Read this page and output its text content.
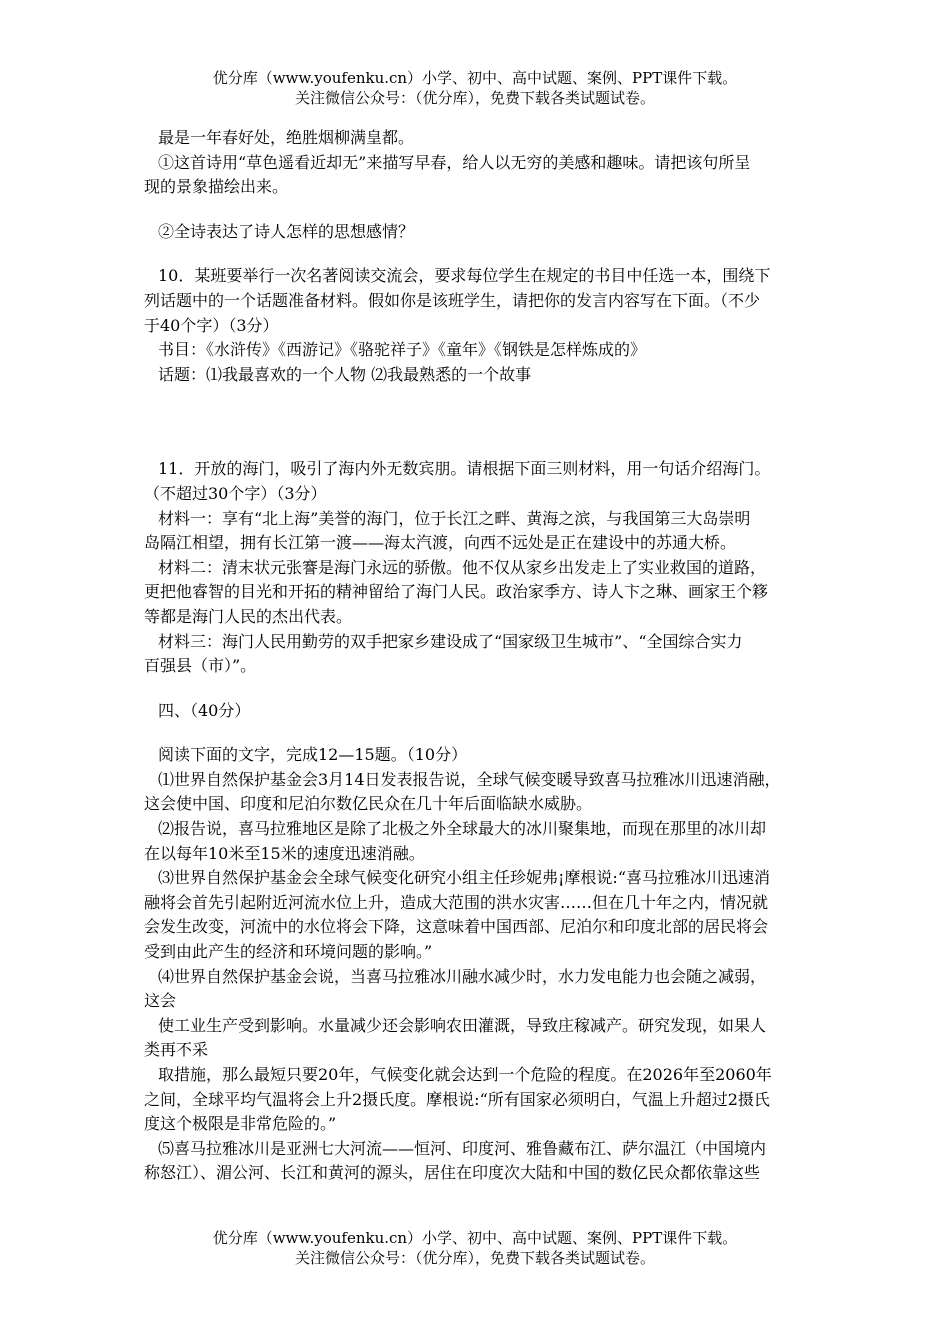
优分库（www.youfenku.cn）小学、初中、高中试题、案例、PPT课件下载。
关注微信公众号：（优分库），免费下载各类试题试卷。
最是一年春好处，绝胜烟柳满皇都。
①这首诗用“草色遥看近却无”来描写早春，给人以无穷的美感和趣味。请把该句所呈
现的景象描绘出来。
②全诗表达了诗人怎样的思想感情？
10．某班要举行一次名著阅读交流会，要求每位学生在规定的书目中任选一本，围绕下
列话题中的一个话题准备材料。假如你是该班学生，请把你的发言内容写在下面。（不少
于40个字）（3分）
书目：《水浒传》《西游记》《骆驼祥子》《童年》《钢铁是怎样炼成的》
话题：⑴我最喜欢的一个人物 ⑵我最熟悉的一个故事
11．开放的海门，吸引了海内外无数宾朋。请根据下面三则材料，用一句话介绍海门。
（不超过30个字）（3分）
材料一：享有“北上海”美誉的海门，位于长江之畔、黄海之滨，与我国第三大岛崇明
岛隔江相望，拥有长江第一渡——海太汽渡，向西不远处是正在建设中的苏通大桥。
材料二：清末状元张謇是海门永远的骄傲。他不仅从家乡出发走上了实业救国的道路，
更把他睿智的目光和开拓的精神留给了海门人民。政治家季方、诗人卞之琳、画家王个簃
等都是海门人民的杰出代表。
材料三：海门人民用勤劳的双手把家乡建设成了“国家级卫生城市”、“全国综合实力
百强县（市）”。
四、（40分）
阅读下面的文字，完成12—15题。（10分）
⑴世界自然保护基金会3月14日发表报告说，全球气候变暖导致喜马拉雅冰川迅速消融，
这会使中国、印度和尼泊尔数亿民众在几十年后面临缺水威胁。
⑵报告说，喜马拉雅地区是除了北极之外全球最大的冰川聚集地，而现在那里的冰川却
在以每年10米至15米的速度迅速消融。
⑶世界自然保护基金会全球气候变化研究小组主任珍妮弗¡摩根说:“喜马拉雅冰川迅速消
融将会首先引起附近河流水位上升，造成大范围的洪水灾害……但在几十年之内，情况就
会发生改变，河流中的水位将会下降，这意味着中国西部、尼泊尔和印度北部的居民将会
受到由此产生的经济和环境问题的影响。”
⑷世界自然保护基金会说，当喜马拉雅冰川融水减少时，水力发电能力也会随之减弱，
这会
使工业生产受到影响。水量减少还会影响农田灌溉，导致庄稼减产。研究发现，如果人
类再不采
取措施，那么最短只要20年，气候变化就会达到一个危险的程度。在2026年至2060年
之间，全球平均气温将会上升2摄氏度。摩根说:“所有国家必须明白，气温上升超过2摄氏
度这个极限是非常危险的。”
⑸喜马拉雅冰川是亚洲七大河流——恒河、印度河、雅鲁藏布江、萨尔温江（中国境内
称怒江）、湄公河、长江和黄河的源头，居住在印度次大陆和中国的数亿民众都依靠这些
优分库（www.youfenku.cn）小学、初中、高中试题、案例、PPT课件下载。
关注微信公众号：（优分库），免费下载各类试题试卷。
